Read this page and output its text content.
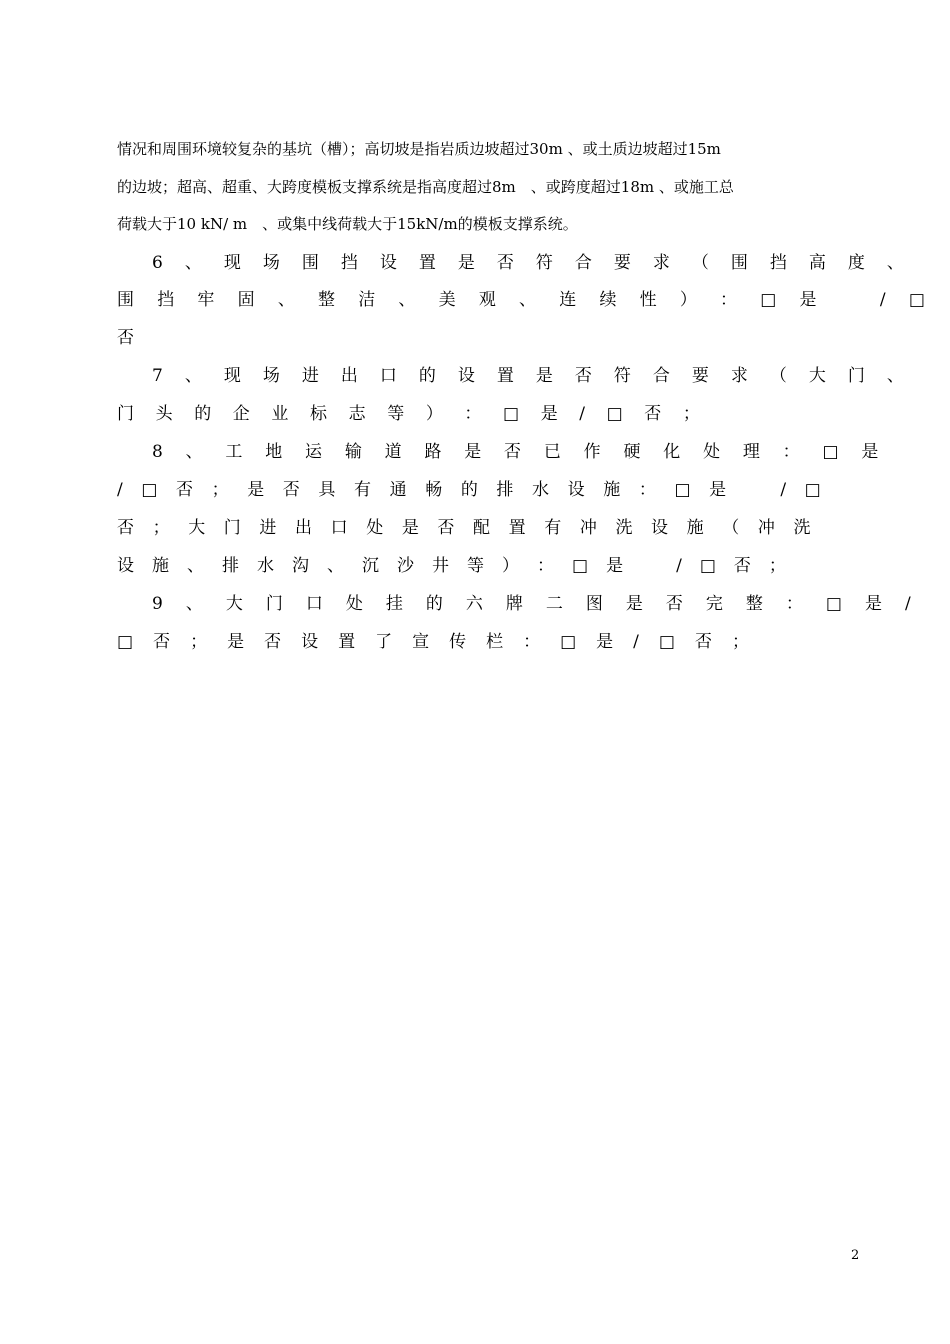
情况和周围环境较复杂的基坑（槽）；高切坡是指岩质边坡超过30m 、或土质边坡超过15m
的边坡；超高、超重、大跨度模板支撑系统是指高度超过8m　、或跨度超过18m 、或施工总
荷载大于10 kN/ m　、或集中线荷载大于15kN/m的模板支撑系统。
6 、 现 场 围 挡 设 置 是 否 符 合 要 求 （ 围 挡 高 度 、
围 挡 牢 固 、 整 洁 、 美 观 、 连 续 性 ） ： □ 是 　 / □
否
7 、 现 场 进 出 口 的 设 置 是 否 符 合 要 求 （ 大 门 、
门 头 的 企 业 标 志 等 ） ： □ 是 / □ 否 ；
8 、 工 地 运 输 道 路 是 否 已 作 硬 化 处 理 ： □ 是
/ □ 否 ； 是 否 具 有 通 畅 的 排 水 设 施 ： □ 是 　 / □
否 ； 大 门 进 出 口 处 是 否 配 置 有 冲 洗 设 施 （ 冲 洗
设 施 、 排 水 沟 、 沉 沙 井 等 ） ： □ 是 　 / □ 否 ；
9 、 大 门 口 处 挂 的 六 牌 二 图 是 否 完 整 ： □ 是 /
□ 否 ； 是 否 设 置 了 宣 传 栏 ： □ 是 / □ 否 ；
2
